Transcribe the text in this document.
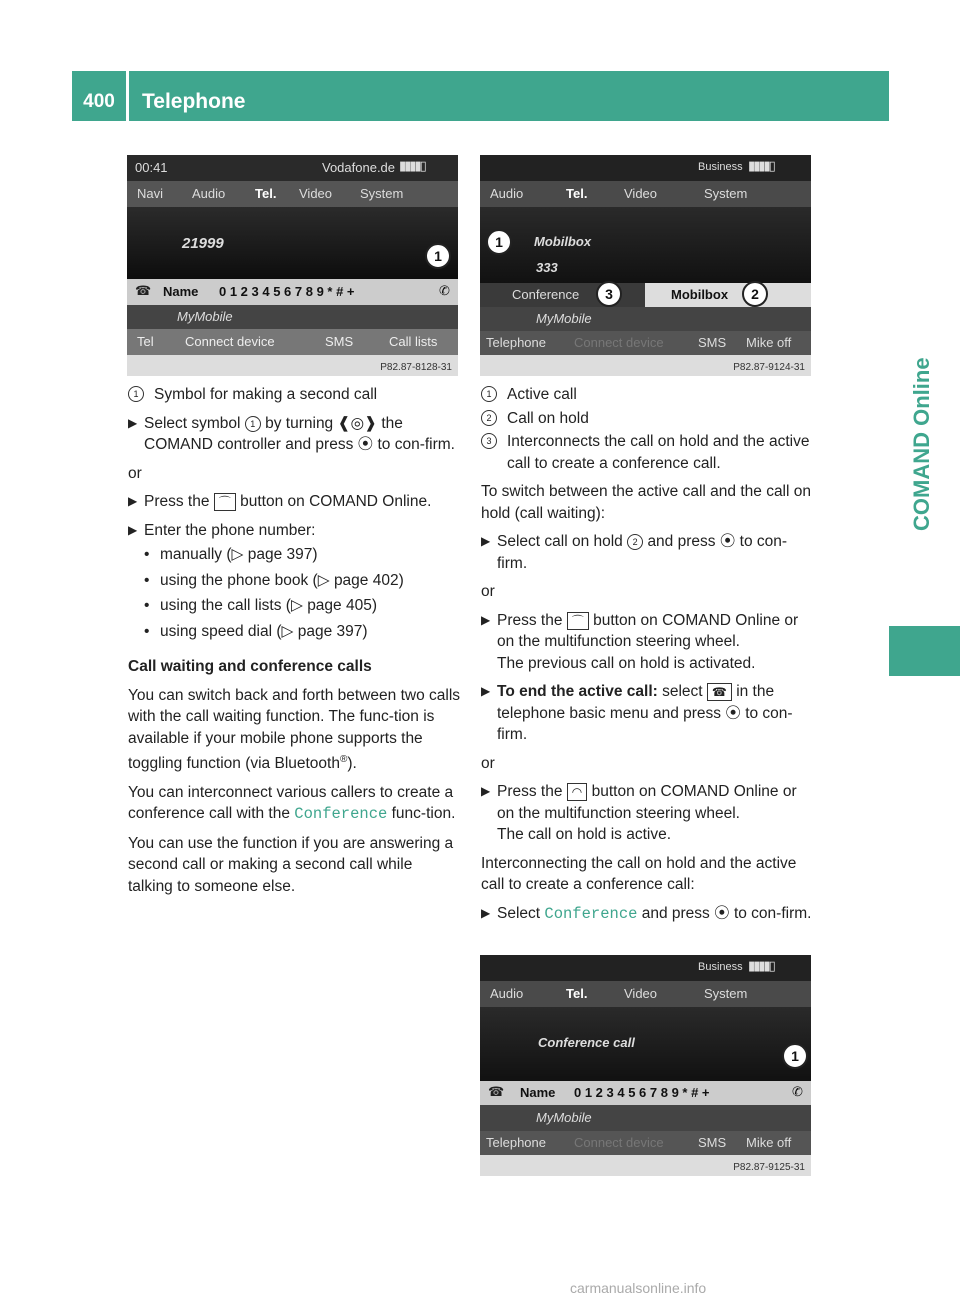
400	Telephone
COMAND Online
00:41	Vodafone.de ▮▮▮▮▯
Navi Audio Tel. Video System
21999
1
☎ Name 0 1 2 3 4 5 6 7 8 9 * # +	✆
MyMobile
Tel Connect device	SMS	Call lists
P82.87-8128-31
Business ▮▮▮▮▯
Audio	Tel.	Video	System
1	Mobilbox
333
Conference	3	Mobilbox	2
MyMobile
Telephone Connect device	SMS Mike off
P82.87-9124-31

1	Symbol for making a second call

▶ Select symbol 1 by turning ❰◎❱ the COMAND controller and press ⦿ to con-firm.

or

▶ Press the ⌒ button on COMAND Online.

▶ Enter the phone number:

• manually (▷ page 397)
• using the phone book (▷ page 402)
• using the call lists (▷ page 405)
• using speed dial (▷ page 397)

Call waiting and conference calls

You can switch back and forth between two calls with the call waiting function. The func-tion is available if your mobile phone supports the toggling function (via Bluetooth®).

You can interconnect various callers to create a conference call with the Conference func-tion.

You can use the function if you are answering a second call or making a second call while talking to someone else.

1	Active call

2	Call on hold

3	Interconnects the call on hold and the active call to create a conference call.

To switch between the active call and the call on hold (call waiting):

▶ Select call on hold 2 and press ⦿ to con-firm.

or

▶ Press the ⌒ button on COMAND Online or on the multifunction steering wheel.
The previous call on hold is activated.

▶ To end the active call: select ☎ in the telephone basic menu and press ⦿ to con-firm.

or

▶ Press the ◠ button on COMAND Online or on the multifunction steering wheel.
The call on hold is active.

Interconnecting the call on hold and the active call to create a conference call:

▶ Select Conference and press ⦿ to con-firm.

Business ▮▮▮▮▯
Audio	Tel.	Video	System
Conference call
1
☎ Name 0 1 2 3 4 5 6 7 8 9 * # +	✆
MyMobile
Telephone Connect device	SMS Mike off
P82.87-9125-31
carmanualsonline.info
